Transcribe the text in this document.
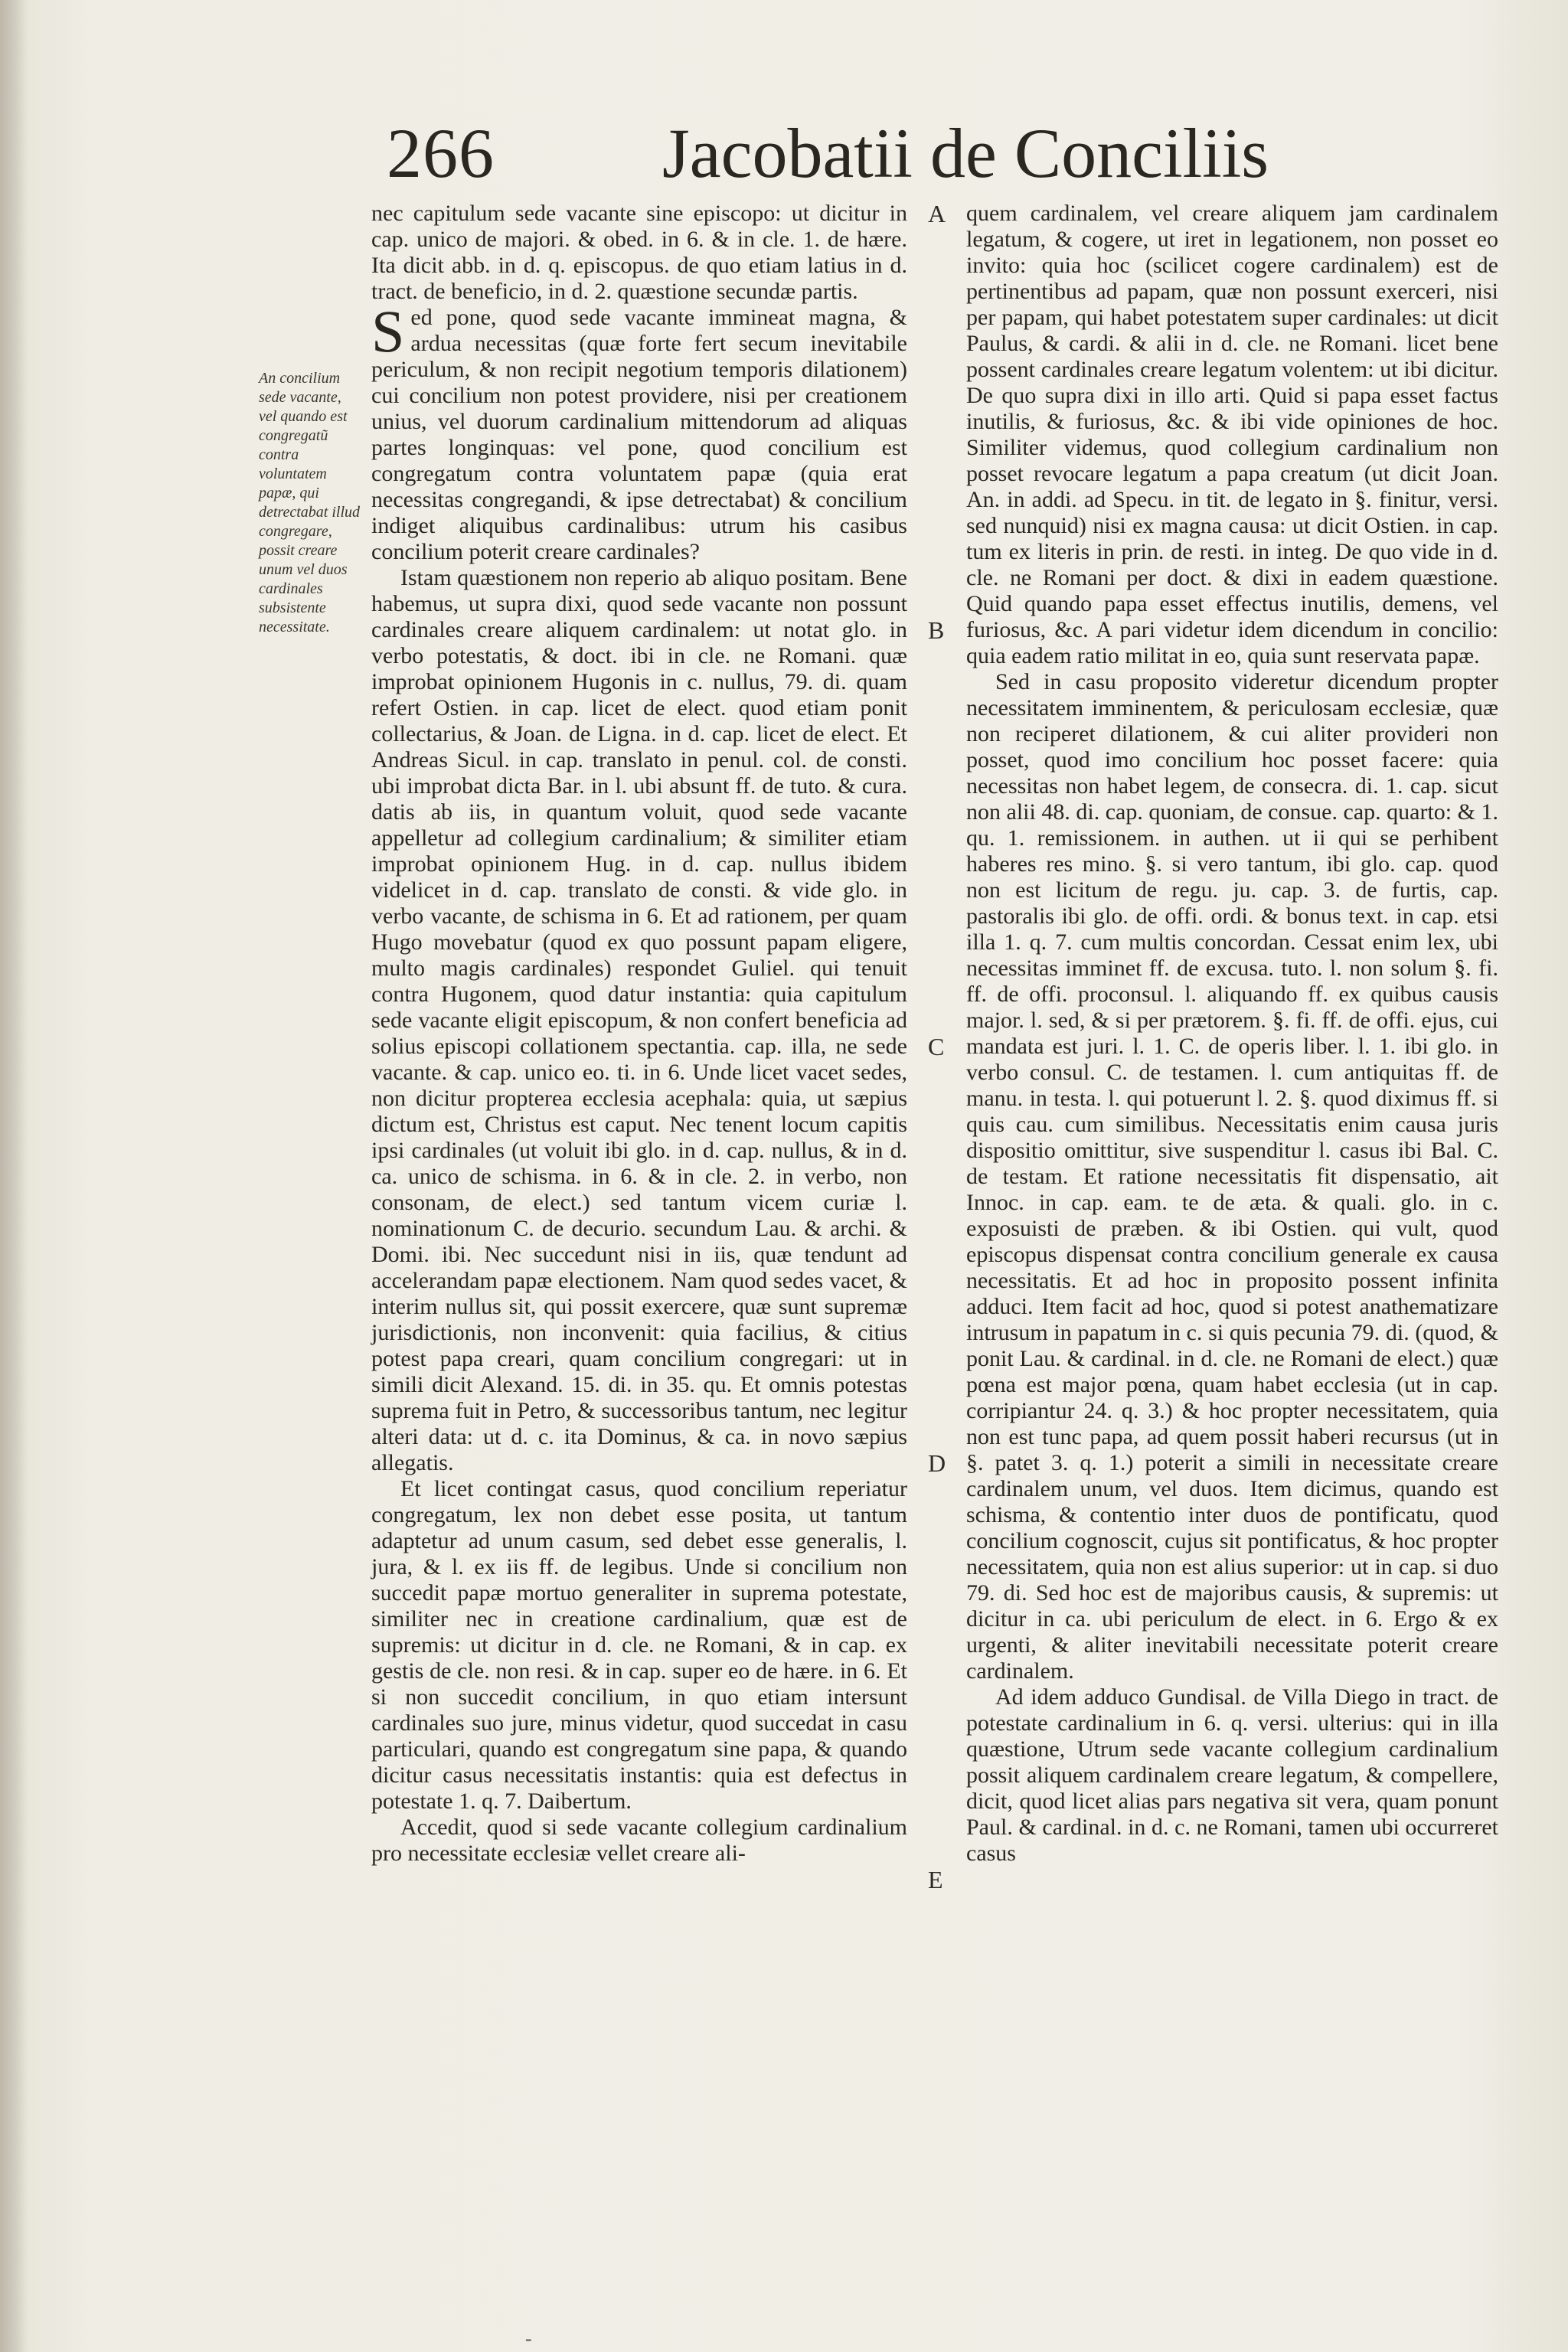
266 Jacobatii de Conciliis
An concilium sede vacante, vel quando est congregatũ contra voluntatem papæ, qui detrectabat illud congregare, possit creare unum vel duos cardinales subsistente necessitate.

nec capitulum sede vacante sine episcopo: ut dicitur in cap. unico de majori. & obed. in 6. & in cle. 1. de hære. Ita dicit abb. in d. q. episcopus. de quo etiam latius in d. tract. de beneficio, in d. 2. quæstione secundæ partis.

Sed pone, quod sede vacante immineat magna, & ardua necessitas (quæ forte fert secum inevitabile periculum, & non recipit negotium temporis dilationem) cui concilium non potest providere, nisi per creationem unius, vel duorum cardinalium mittendorum ad aliquas partes longinquas: vel pone, quod concilium est congregatum contra voluntatem papæ (quia erat necessitas congregandi, & ipse detrectabat) & concilium indiget aliquibus cardinalibus: utrum his casibus concilium poterit creare cardinales?

Istam quæstionem non reperio ab aliquo positam. Bene habemus, ut supra dixi, quod sede vacante non possunt cardinales creare aliquem cardinalem: ut notat glo. in verbo potestatis, & doct. ibi in cle. ne Romani. quæ improbat opinionem Hugonis in c. nullus, 79. di. quam refert Ostien. in cap. licet de elect. quod etiam ponit collectarius, & Joan. de Ligna. in d. cap. licet de elect. Et Andreas Sicul. in cap. translato in penul. col. de consti. ubi improbat dicta Bar. in l. ubi absunt ff. de tuto. & cura. datis ab iis, in quantum voluit, quod sede vacante appelletur ad collegium cardinalium; & similiter etiam improbat opinionem Hug. in d. cap. nullus ibidem videlicet in d. cap. translato de consti. & vide glo. in verbo vacante, de schisma in 6. Et ad rationem, per quam Hugo movebatur (quod ex quo possunt papam eligere, multo magis cardinales) respondet Guliel. qui tenuit contra Hugonem, quod datur instantia: quia capitulum sede vacante eligit episcopum, & non confert beneficia ad solius episcopi collationem spectantia. cap. illa, ne sede vacante. & cap. unico eo. ti. in 6. Unde licet vacet sedes, non dicitur propterea ecclesia acephala: quia, ut sæpius dictum est, Christus est caput. Nec tenent locum capitis ipsi cardinales (ut voluit ibi glo. in d. cap. nullus, & in d. ca. unico de schisma. in 6. & in cle. 2. in verbo, non consonam, de elect.) sed tantum vicem curiæ l. nominationum C. de decurio. secundum Lau. & archi. & Domi. ibi. Nec succedunt nisi in iis, quæ tendunt ad accelerandam papæ electionem. Nam quod sedes vacet, & interim nullus sit, qui possit exercere, quæ sunt supremæ jurisdictionis, non inconvenit: quia facilius, & citius potest papa creari, quam concilium congregari: ut in simili dicit Alexand. 15. di. in 35. qu. Et omnis potestas suprema fuit in Petro, & successoribus tantum, nec legitur alteri data: ut d. c. ita Dominus, & ca. in novo sæpius allegatis.

Et licet contingat casus, quod concilium reperiatur congregatum, lex non debet esse posita, ut tantum adaptetur ad unum casum, sed debet esse generalis, l. jura, & l. ex iis ff. de legibus. Unde si concilium non succedit papæ mortuo generaliter in suprema potestate, similiter nec in creatione cardinalium, quæ est de supremis: ut dicitur in d. cle. ne Romani, & in cap. ex gestis de cle. non resi. & in cap. super eo de hære. in 6. Et si non succedit concilium, in quo etiam intersunt cardinales suo jure, minus videtur, quod succedat in casu particulari, quando est congregatum sine papa, & quando dicitur casus necessitatis instantis: quia est defectus in potestate 1. q. 7. Daibertum.

Accedit, quod si sede vacante collegium cardinalium pro necessitate ecclesiæ vellet creare ali-

A
B
C
D
E

quem cardinalem, vel creare aliquem jam cardinalem legatum, & cogere, ut iret in legationem, non posset eo invito: quia hoc (scilicet cogere cardinalem) est de pertinentibus ad papam, quæ non possunt exerceri, nisi per papam, qui habet potestatem super cardinales: ut dicit Paulus, & cardi. & alii in d. cle. ne Romani. licet bene possent cardinales creare legatum volentem: ut ibi dicitur. De quo supra dixi in illo arti. Quid si papa esset factus inutilis, & furiosus, &c. & ibi vide opiniones de hoc. Similiter videmus, quod collegium cardinalium non posset revocare legatum a papa creatum (ut dicit Joan. An. in addi. ad Specu. in tit. de legato in §. finitur, versi. sed nunquid) nisi ex magna causa: ut dicit Ostien. in cap. tum ex literis in prin. de resti. in integ. De quo vide in d. cle. ne Romani per doct. & dixi in eadem quæstione. Quid quando papa esset effectus inutilis, demens, vel furiosus, &c. A pari videtur idem dicendum in concilio: quia eadem ratio militat in eo, quia sunt reservata papæ.

Sed in casu proposito videretur dicendum propter necessitatem imminentem, & periculosam ecclesiæ, quæ non reciperet dilationem, & cui aliter provideri non posset, quod imo concilium hoc posset facere: quia necessitas non habet legem, de consecra. di. 1. cap. sicut non alii 48. di. cap. quoniam, de consue. cap. quarto: & 1. qu. 1. remissionem. in authen. ut ii qui se perhibent haberes res mino. §. si vero tantum, ibi glo. cap. quod non est licitum de regu. ju. cap. 3. de furtis, cap. pastoralis ibi glo. de offi. ordi. & bonus text. in cap. etsi illa 1. q. 7. cum multis concordan. Cessat enim lex, ubi necessitas imminet ff. de excusa. tuto. l. non solum §. fi. ff. de offi. proconsul. l. aliquando ff. ex quibus causis major. l. sed, & si per prætorem. §. fi. ff. de offi. ejus, cui mandata est juri. l. 1. C. de operis liber. l. 1. ibi glo. in verbo consul. C. de testamen. l. cum antiquitas ff. de manu. in testa. l. qui potuerunt l. 2. §. quod diximus ff. si quis cau. cum similibus. Necessitatis enim causa juris dispositio omittitur, sive suspenditur l. casus ibi Bal. C. de testam. Et ratione necessitatis fit dispensatio, ait Innoc. in cap. eam. te de ætа. & quali. glo. in c. exposuisti de præben. & ibi Ostien. qui vult, quod episcopus dispensat contra concilium generale ex causa necessitatis. Et ad hoc in proposito possent infinita adduci. Item facit ad hoc, quod si potest anathematizare intrusum in papatum in c. si quis pecunia 79. di. (quod, & ponit Lau. & cardinal. in d. cle. ne Romani de elect.) quæ pœna est major pœna, quam habet ecclesia (ut in cap. corripiantur 24. q. 3.) & hoc propter necessitatem, quia non est tunc papa, ad quem possit haberi recursus (ut in §. patet 3. q. 1.) poterit a simili in necessitate creare cardinalem unum, vel duos. Item dicimus, quando est schisma, & contentio inter duos de pontificatu, quod concilium cognoscit, cujus sit pontificatus, & hoc propter necessitatem, quia non est alius superior: ut in cap. si duo 79. di. Sed hoc est de majoribus causis, & supremis: ut dicitur in ca. ubi periculum de elect. in 6. Ergo & ex urgenti, & aliter inevitabili necessitate poterit creare cardinalem.

Ad idem adduco Gundisal. de Villa Diego in tract. de potestate cardinalium in 6. q. versi. ulterius: qui in illa quæstione, Utrum sede vacante collegium cardinalium possit aliquem cardinalem creare legatum, & compellere, dicit, quod licet alias pars negativa sit vera, quam ponunt Paul. & cardinal. in d. c. ne Romani, tamen ubi occurreret casus

-
